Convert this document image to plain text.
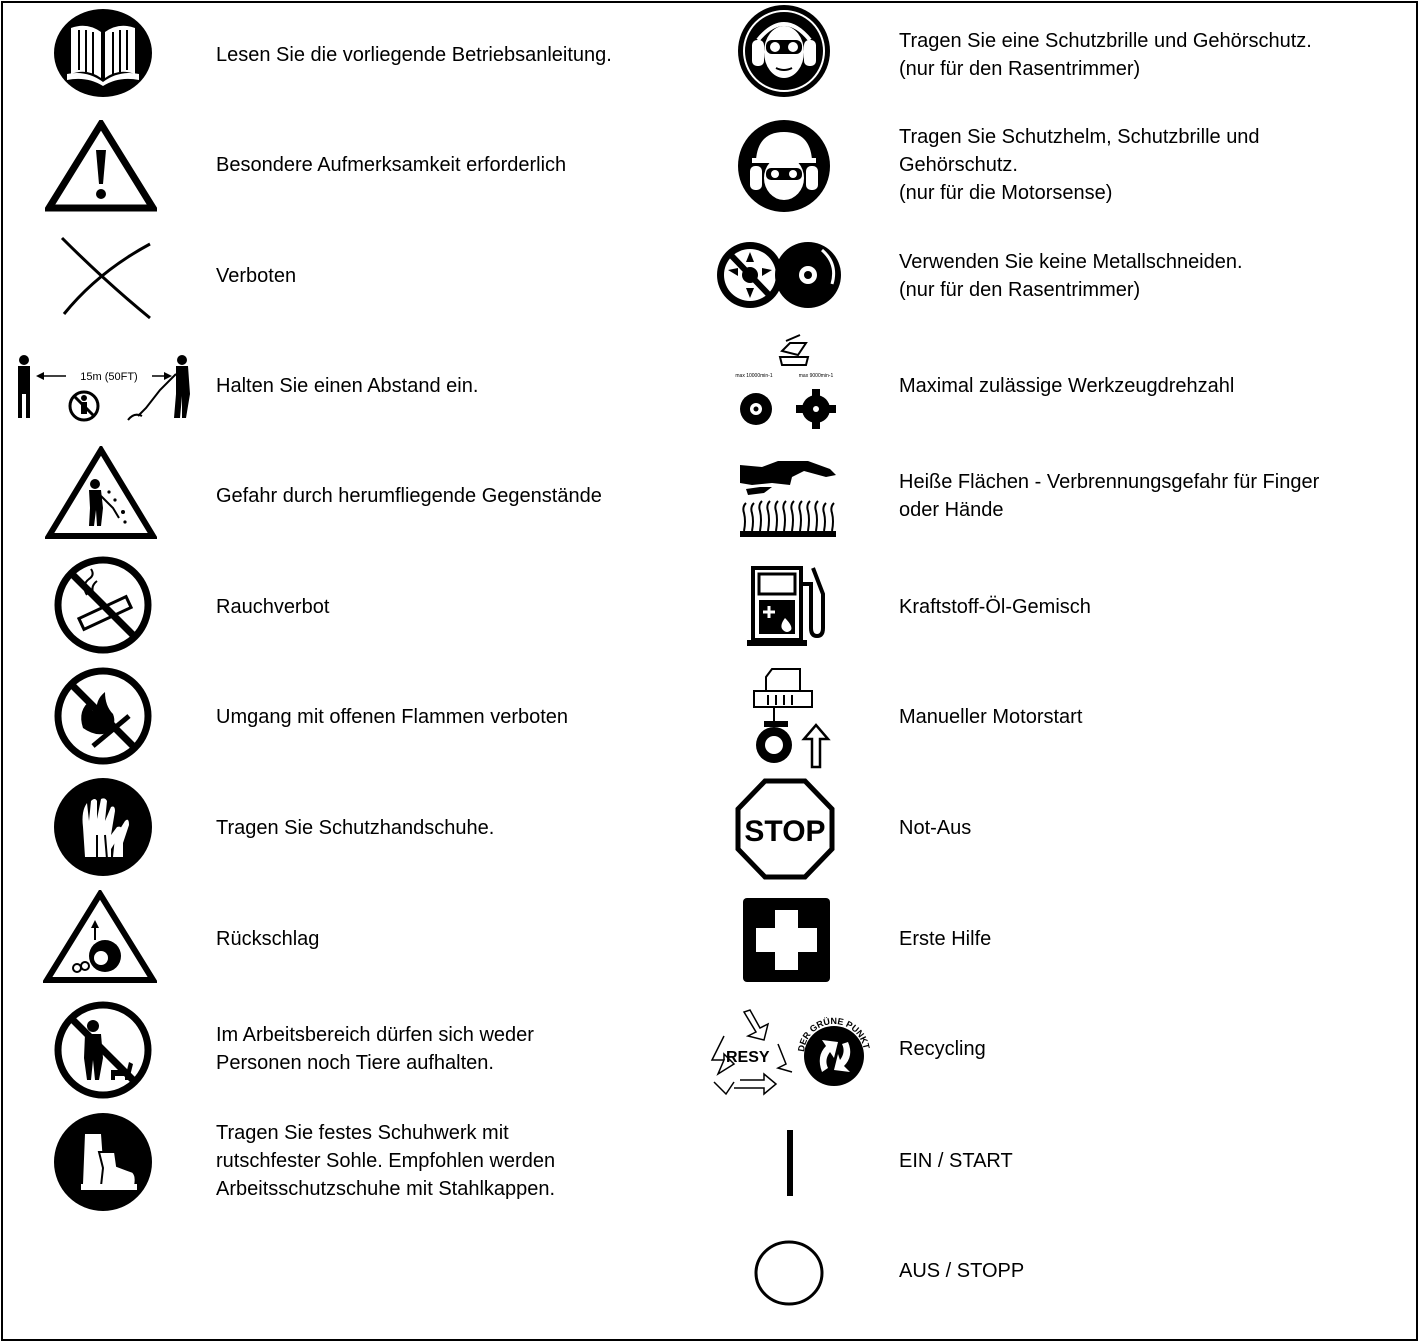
15m (50FT)
Lesen Sie die vorliegende Betriebsanleitung.
Besondere Aufmerksamkeit erforderlich
Verboten
Halten Sie einen Abstand ein.
Gefahr durch herumfliegende Gegenstände
Rauchverbot
Umgang mit offenen Flammen verboten
Tragen Sie Schutzhandschuhe.
Rückschlag
Im Arbeitsbereich dürfen sich weder
Personen noch Tiere aufhalten.
Tragen Sie festes Schuhwerk mit
rutschfester Sohle. Empfohlen werden
Arbeitsschutzschuhe mit Stahlkappen.
max 10000min-1	max 9000min-1
STOP
RESY
DER GRÜNE PUNKT
Tragen Sie eine Schutzbrille und Gehörschutz.
(nur für den Rasentrimmer)
Tragen Sie Schutzhelm, Schutzbrille und
Gehörschutz.
(nur für die Motorsense)
Verwenden Sie keine Metallschneiden.
(nur für den Rasentrimmer)
Maximal zulässige Werkzeugdrehzahl
Heiße Flächen - Verbrennungsgefahr für Finger
oder Hände
Kraftstoff-Öl-Gemisch
Manueller Motorstart
Not-Aus
Erste Hilfe
Recycling
EIN / START
AUS / STOPP
